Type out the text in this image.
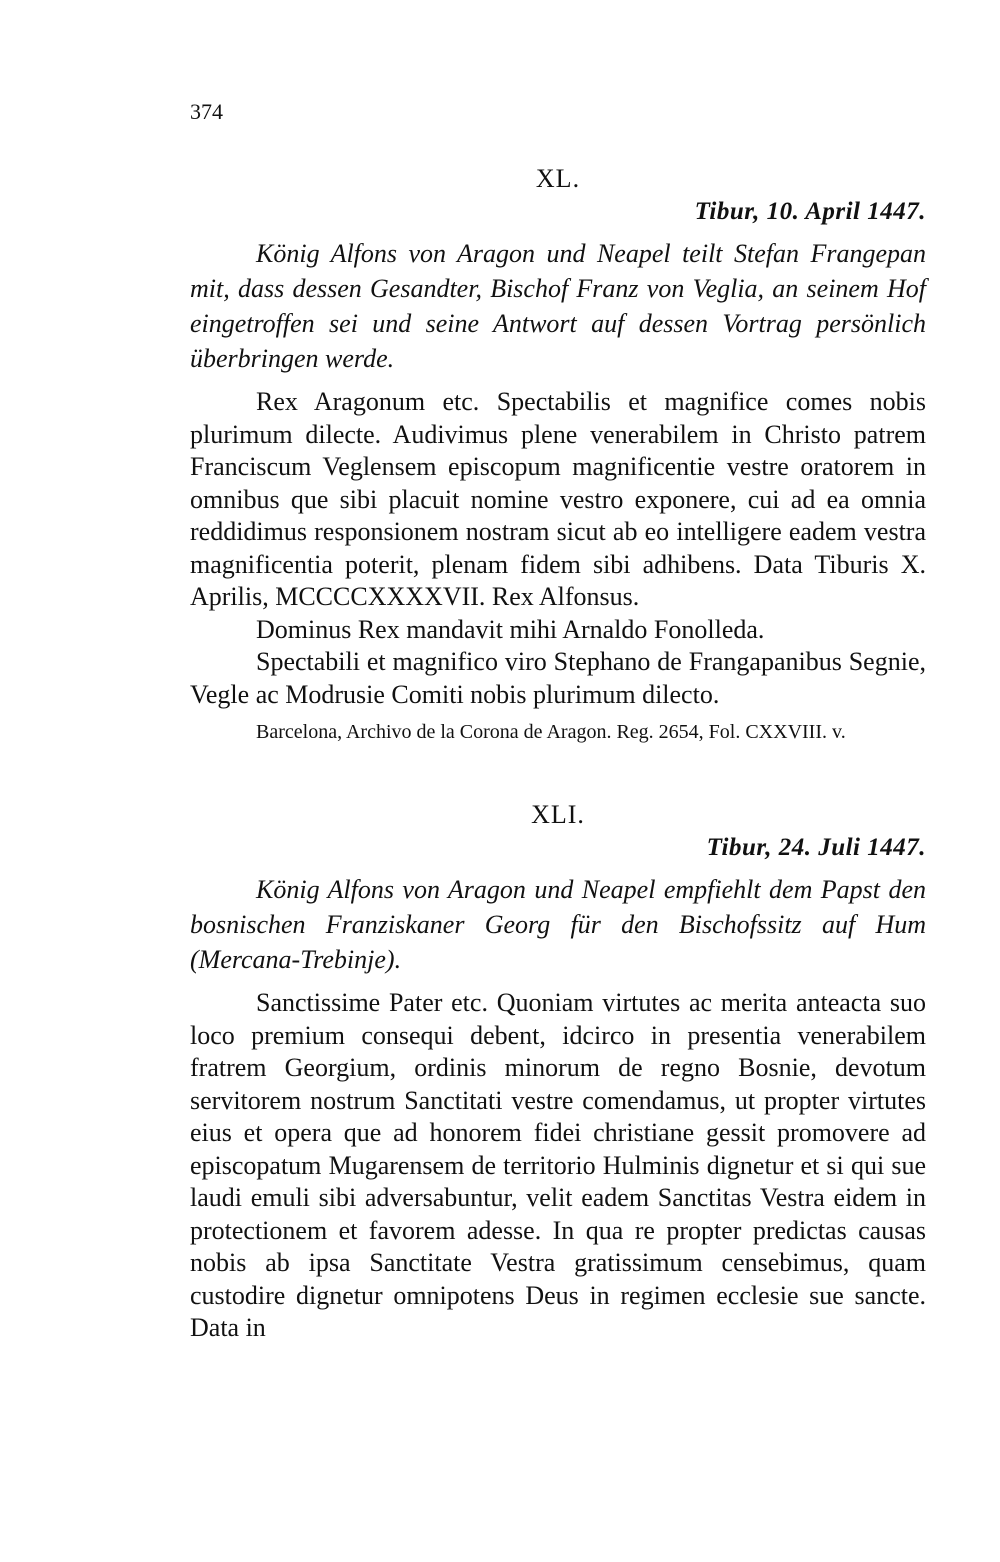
374
XL.
Tibur, 10. April 1447.
König Alfons von Aragon und Neapel teilt Stefan Frangepan mit, dass dessen Gesandter, Bischof Franz von Veglia, an seinem Hof eingetroffen sei und seine Antwort auf dessen Vortrag persönlich überbringen werde.

Rex Aragonum etc. Spectabilis et magnifice comes nobis plurimum dilecte. Audivimus plene venerabilem in Christo patrem Franciscum Veglensem episcopum magnificentie vestre oratorem in omnibus que sibi placuit nomine vestro exponere, cui ad ea omnia reddidimus responsionem nostram sicut ab eo intelligere eadem vestra magnificentia poterit, plenam fidem sibi adhibens. Data Tiburis X. Aprilis, MCCCCXXXXVII. Rex Alfonsus.

Dominus Rex mandavit mihi Arnaldo Fonolleda.

Spectabili et magnifico viro Stephano de Frangapanibus Segnie, Vegle ac Modrusie Comiti nobis plurimum dilecto.

Barcelona, Archivo de la Corona de Aragon. Reg. 2654, Fol. CXXVIII. v.
XLI.
Tibur, 24. Juli 1447.
König Alfons von Aragon und Neapel empfiehlt dem Papst den bosnischen Franziskaner Georg für den Bischofssitz auf Hum (Mercana-Trebinje).

Sanctissime Pater etc. Quoniam virtutes ac merita anteacta suo loco premium consequi debent, idcirco in presentia venerabilem fratrem Georgium, ordinis minorum de regno Bosnie, devotum servitorem nostrum Sanctitati vestre comendamus, ut propter virtutes eius et opera que ad honorem fidei christiane gessit promovere ad episcopatum Mugarensem de territorio Hulminis dignetur et si qui sue laudi emuli sibi adversabuntur, velit eadem Sanctitas Vestra eidem in protectionem et favorem adesse. In qua re propter predictas causas nobis ab ipsa Sanctitate Vestra gratissimum censebimus, quam custodire dignetur omnipotens Deus in regimen ecclesie sue sancte. Data in
